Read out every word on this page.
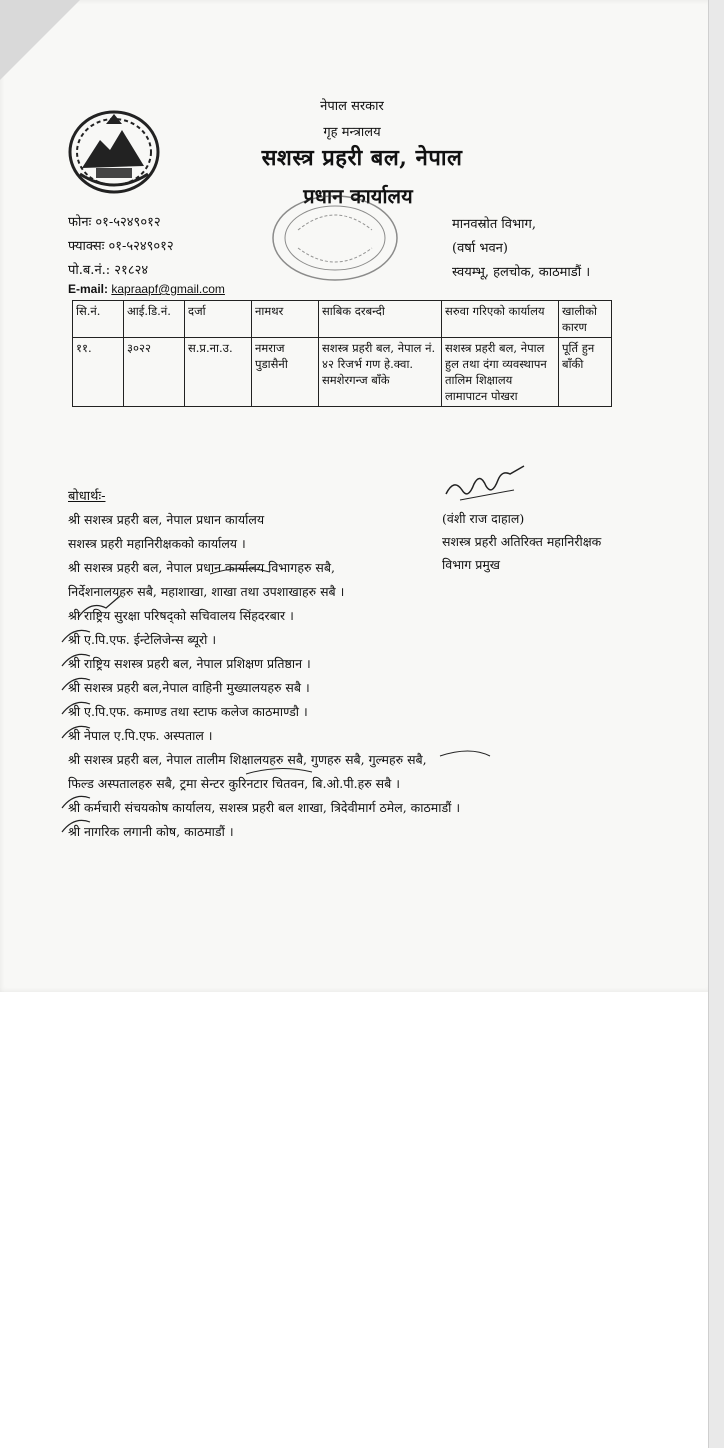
नेपाल सरकार
गृह मन्त्रालय
सशस्त्र प्रहरी बल, नेपाल
प्रधान कार्यालय
फोनः ०१-५२४९०१२
फ्याक्सः ०१-५२४९०१२
पो.ब.नं.: २१८२४
E-mail: kapraapf@gmail.com
मानवस्रोत विभाग,
(वर्षा भवन)
स्वयम्भू, हलचोक, काठमाडौं ।
सि.नं.	आई.डि.नं.	दर्जा	नामथर	साबिक दरबन्दी	सरुवा गरिएको कार्यालय	खालीको कारण
११.	३०२२	स.प्र.ना.उ.	नमराज पुडासैनी	सशस्त्र प्रहरी बल, नेपाल नं. ४२ रिजर्भ गण हे.क्वा. समशेरगन्ज बाँके	सशस्त्र प्रहरी बल, नेपाल हुल तथा दंगा व्यवस्थापन तालिम शिक्षालय लामापाटन पोखरा	पूर्ति हुन बाँकी
बोधार्थः-
(वंशी राज दाहाल)
सशस्त्र प्रहरी अतिरिक्त महानिरीक्षक
विभाग प्रमुख
श्री सशस्त्र प्रहरी बल, नेपाल प्रधान कार्यालय
सशस्त्र प्रहरी महानिरीक्षकको कार्यालय ।
श्री सशस्त्र प्रहरी बल, नेपाल प्रधान कार्यालय विभागहरु सबै,
निर्देशनालयहरु सबै, महाशाखा, शाखा तथा उपशाखाहरु सबै ।
श्री राष्ट्रिय सुरक्षा परिषद्को सचिवालय सिंहदरबार ।
श्री ए.पि.एफ. ईन्टेलिजेन्स ब्यूरो ।
श्री राष्ट्रिय सशस्त्र प्रहरी बल, नेपाल प्रशिक्षण प्रतिष्ठान ।
श्री सशस्त्र प्रहरी बल,नेपाल वाहिनी मुख्यालयहरु सबै ।
श्री ए.पि.एफ. कमाण्ड तथा स्टाफ कलेज काठमाण्डौ ।
श्री नेपाल ए.पि.एफ. अस्पताल ।
श्री सशस्त्र प्रहरी बल, नेपाल तालीम शिक्षालयहरु सबै, गुणहरु सबै, गुल्महरु सबै,
फिल्ड अस्पतालहरु सबै, ट्रमा सेन्टर कुरिनटार चितवन, बि.ओ.पी.हरु सबै ।
श्री कर्मचारी संचयकोष कार्यालय, सशस्त्र प्रहरी बल शाखा, त्रिदेवीमार्ग ठमेल, काठमाडौं ।
श्री नागरिक लगानी कोष, काठमाडौं ।
